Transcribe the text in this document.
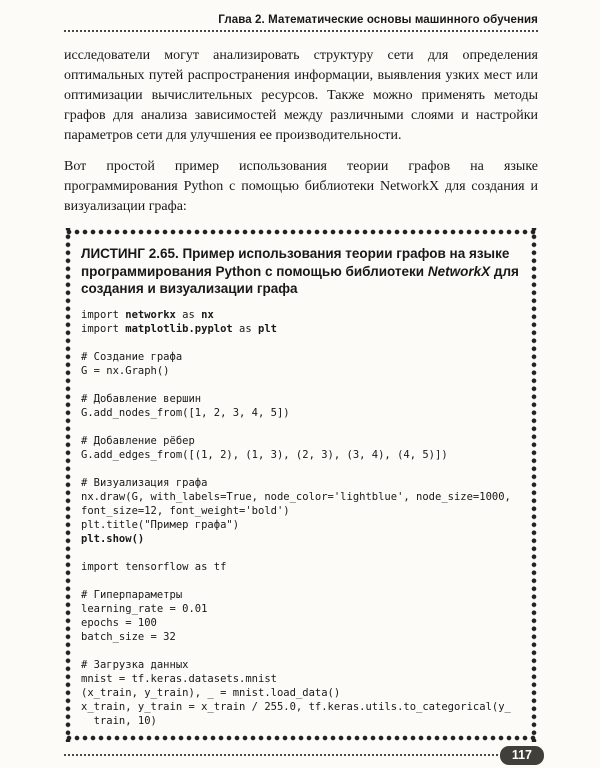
Глава 2. Математические основы машинного обучения

исследователи могут анализировать структуру сети для определения оптимальных путей распространения информации, выявления узких мест или оптимизации вычислительных ресурсов. Также можно применять методы графов для анализа зависимостей между различными слоями и настройки параметров сети для улучшения ее производительности.

Вот простой пример использования теории графов на языке программирования Python с помощью библиотеки NetworkX для создания и визуализации графа:

ЛИСТИНГ 2.65. Пример использования теории графов на языке программирования Python с помощью библиотеки NetworkX для создания и визуализации графа
import networkx as nx
import matplotlib.pyplot as plt

# Создание графа
G = nx.Graph()

# Добавление вершин
G.add_nodes_from([1, 2, 3, 4, 5])

# Добавление рёбер
G.add_edges_from([(1, 2), (1, 3), (2, 3), (3, 4), (4, 5)])

# Визуализация графа
nx.draw(G, with_labels=True, node_color='lightblue', node_size=1000,
font_size=12, font_weight='bold')
plt.title("Пример графа")
plt.show()

import tensorflow as tf

# Гиперпараметры
learning_rate = 0.01
epochs = 100
batch_size = 32

# Загрузка данных
mnist = tf.keras.datasets.mnist
(x_train, y_train), _ = mnist.load_data()
x_train, y_train = x_train / 255.0, tf.keras.utils.to_categorical(y_
train, 10)
117
